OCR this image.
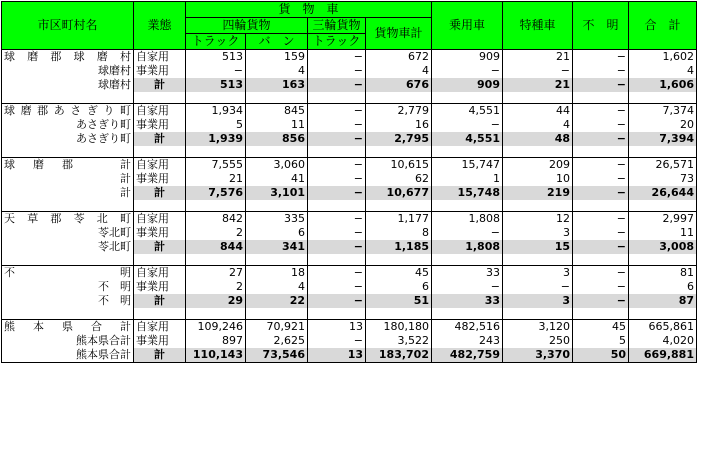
市区町村名	業態	貨　物　車				乗用車	特種車	不　明	合　計
		四輪貨物		三輪貨物	貨物車計				
		トラック	バ　ン	トラック					
球磨郡球磨村	自家用	513	159	−	672	909	21	−	1,602
球磨村	事業用	−	4	−	4	−	−	−	4
球磨村	計	513	163	−	676	909	21	−	1,606

球磨郡あさぎり町	自家用	1,934	845	−	2,779	4,551	44	−	7,374
あさぎり町	事業用	5	11	−	16	−	4	−	20
あさぎり町	計	1,939	856	−	2,795	4,551	48	−	7,394

球磨郡　計	自家用	7,555	3,060	−	10,615	15,747	209	−	26,571
計	事業用	21	41	−	62	1	10	−	73
計	計	7,576	3,101	−	10,677	15,748	219	−	26,644

天草郡苓北町	自家用	842	335	−	1,177	1,808	12	−	2,997
苓北町	事業用	2	6	−	8	−	3	−	11
苓北町	計	844	341	−	1,185	1,808	15	−	3,008

不　明	自家用	27	18	−	45	33	3	−	81
不　明	事業用	2	4	−	6	−	−	−	6
不　明	計	29	22	−	51	33	3	−	87

熊本県合計	自家用	109,246	70,921	13	180,180	482,516	3,120	45	665,861
熊本県合計	事業用	897	2,625	−	3,522	243	250	5	4,020
熊本県合計	計	110,143	73,546	13	183,702	482,759	3,370	50	669,881
